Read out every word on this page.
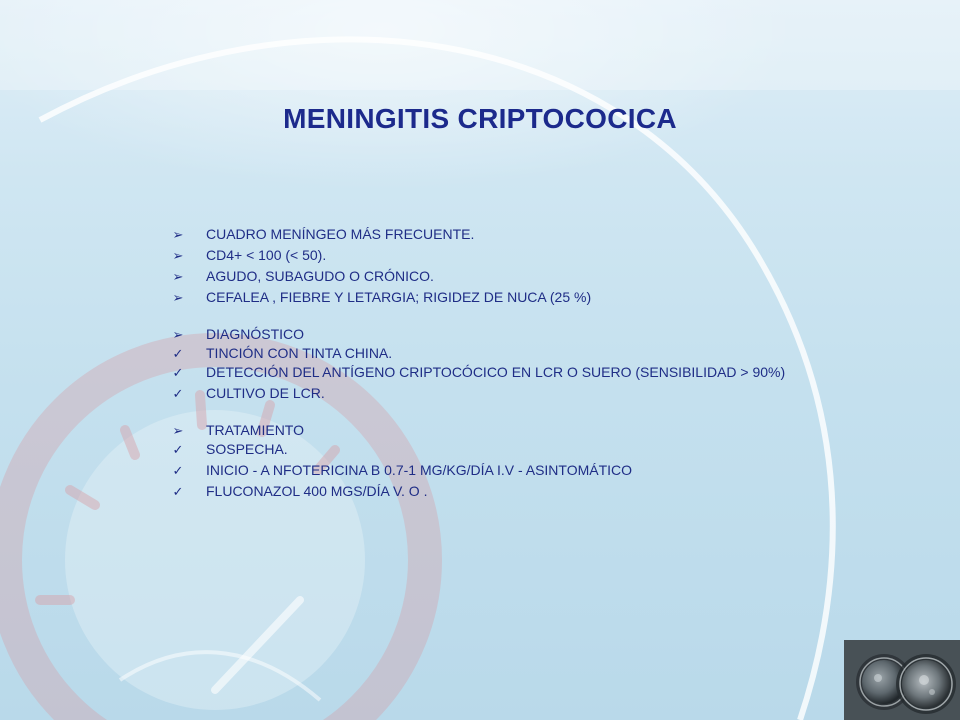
MENINGITIS CRIPTOCOCICA
➢ CUADRO MENÍNGEO MÁS FRECUENTE.
➢ CD4+ < 100 (< 50).
➢ AGUDO, SUBAGUDO O CRÓNICO.
➢ CEFALEA , FIEBRE Y LETARGIA; RIGIDEZ DE NUCA (25 %)
➢ DIAGNÓSTICO
✓ TINCIÓN CON TINTA CHINA.
✓ DETECCIÓN DEL ANTÍGENO CRIPTOCÓCICO EN LCR O SUERO (SENSIBILIDAD > 90%)
✓ CULTIVO DE LCR.
➢ TRATAMIENTO
✓ SOSPECHA.
✓ INICIO - A NFOTERICINA B 0.7-1 MG/KG/DÍA I.V - ASINTOMÁTICO
✓ FLUCONAZOL 400 MGS/DÍA V. O .
